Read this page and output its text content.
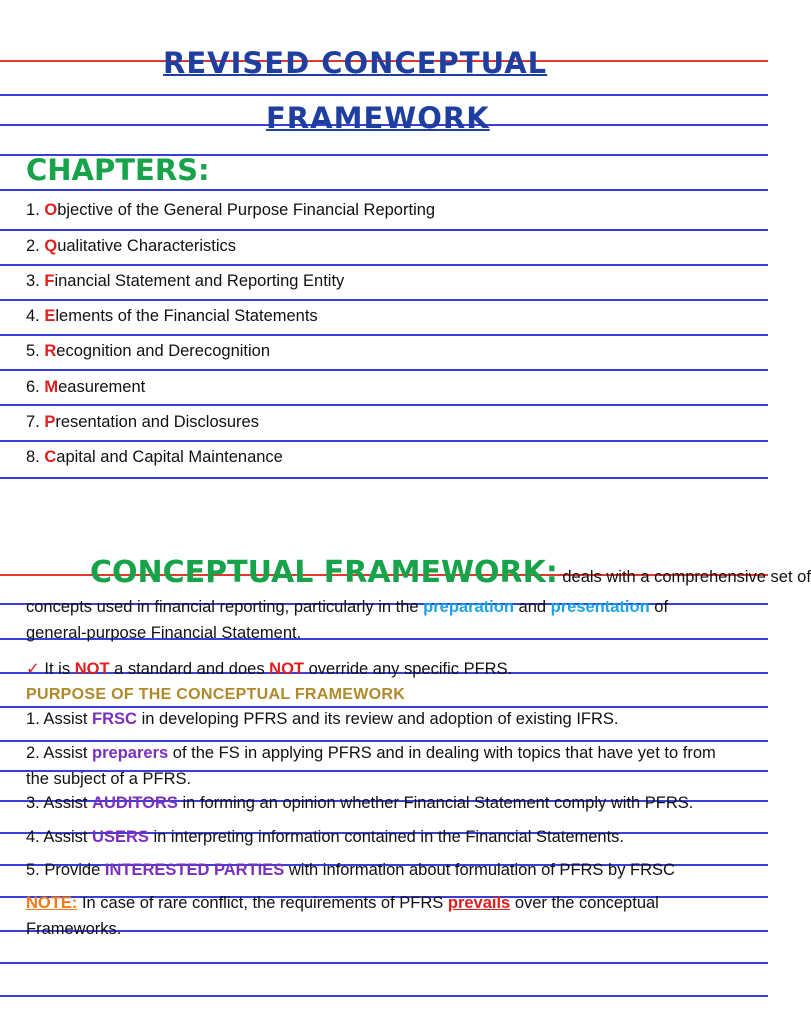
REVISED CONCEPTUAL
FRAMEWORK
CHAPTERS:
1. Objective of the General Purpose Financial Reporting
2. Qualitative Characteristics
3. Financial Statement and Reporting Entity
4. Elements of the Financial Statements
5. Recognition and Derecognition
6. Measurement
7. Presentation and Disclosures
8. Capital and Capital Maintenance
CONCEPTUAL FRAMEWORK: deals with a comprehensive set of
concepts used in financial reporting, particularly in the preparation and presentation of
general-purpose Financial Statement.
✓ It is NOT a standard and does NOT override any specific PFRS.
PURPOSE OF THE CONCEPTUAL FRAMEWORK
1. Assist FRSC in developing PFRS and its review and adoption of existing IFRS.
2. Assist preparers of the FS in applying PFRS and in dealing with topics that have yet to from
the subject of a PFRS.
3. Assist AUDITORS in forming an opinion whether Financial Statement comply with PFRS.
4. Assist USERS in interpreting information contained in the Financial Statements.
5. Provide INTERESTED PARTIES with information about formulation of PFRS by FRSC
NOTE: In case of rare conflict, the requirements of PFRS prevails over the conceptual
Frameworks.
